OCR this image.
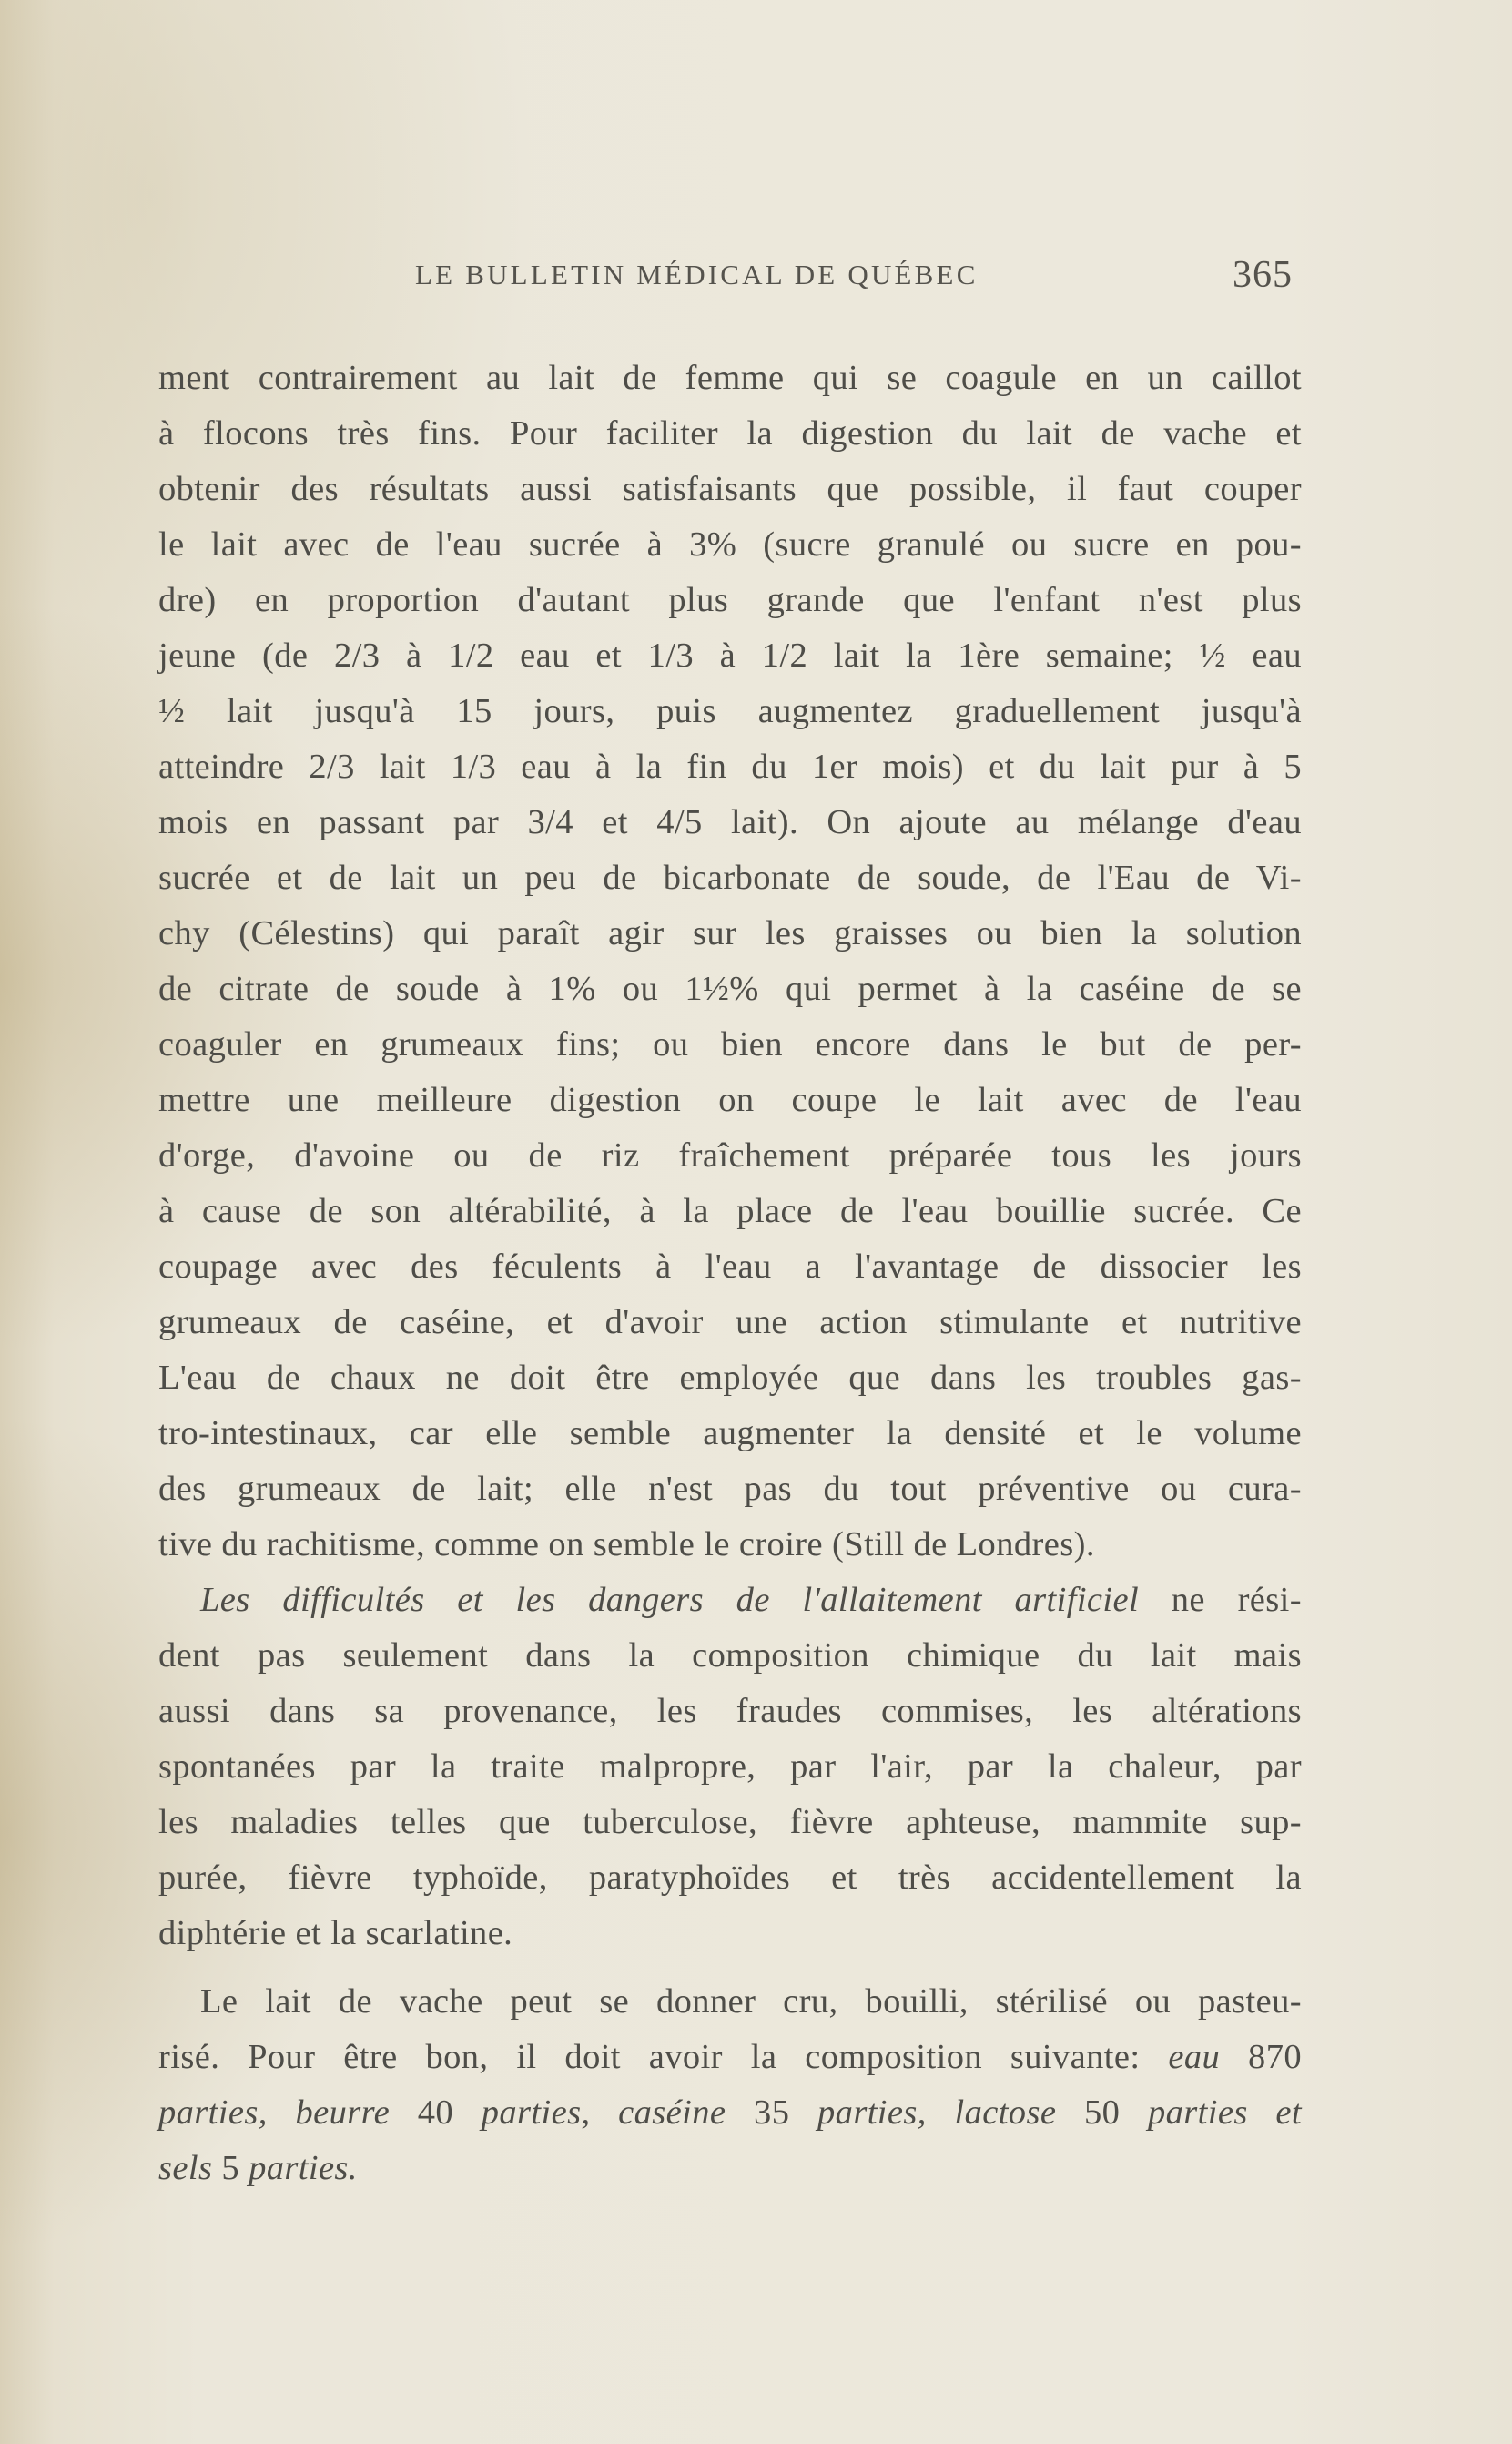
LE BULLETIN MÉDICAL DE QUÉBEC	365
ment contrairement au lait de femme qui se coagule en un caillot
à flocons très fins. Pour faciliter la digestion du lait de vache et
obtenir des résultats aussi satisfaisants que possible, il faut couper
le lait avec de l'eau sucrée à 3% (sucre granulé ou sucre en pou-
dre) en proportion d'autant plus grande que l'enfant n'est plus
jeune (de 2/3 à 1/2 eau et 1/3 à 1/2 lait la 1ère semaine; ½ eau
½ lait jusqu'à 15 jours, puis augmentez graduellement jusqu'à
atteindre 2/3 lait 1/3 eau à la fin du 1er mois) et du lait pur à 5
mois en passant par 3/4 et 4/5 lait). On ajoute au mélange d'eau
sucrée et de lait un peu de bicarbonate de soude, de l'Eau de Vi-
chy (Célestins) qui paraît agir sur les graisses ou bien la solution
de citrate de soude à 1% ou 1½% qui permet à la caséine de se
coaguler en grumeaux fins; ou bien encore dans le but de per-
mettre une meilleure digestion on coupe le lait avec de l'eau
d'orge, d'avoine ou de riz fraîchement préparée tous les jours
à cause de son altérabilité, à la place de l'eau bouillie sucrée. Ce
coupage avec des féculents à l'eau a l'avantage de dissocier les
grumeaux de caséine, et d'avoir une action stimulante et nutritive
L'eau de chaux ne doit être employée que dans les troubles gas-
tro-intestinaux, car elle semble augmenter la densité et le volume
des grumeaux de lait; elle n'est pas du tout préventive ou cura-
tive du rachitisme, comme on semble le croire (Still de Londres).
Les difficultés et les dangers de l'allaitement artificiel ne rési-
dent pas seulement dans la composition chimique du lait mais
aussi dans sa provenance, les fraudes commises, les altérations
spontanées par la traite malpropre, par l'air, par la chaleur, par
les maladies telles que tuberculose, fièvre aphteuse, mammite sup-
purée, fièvre typhoïde, paratyphoïdes et très accidentellement la
diphtérie et la scarlatine.
Le lait de vache peut se donner cru, bouilli, stérilisé ou pasteu-
risé. Pour être bon, il doit avoir la composition suivante: eau 870
parties, beurre 40 parties, caséine 35 parties, lactose 50 parties et
sels 5 parties.
